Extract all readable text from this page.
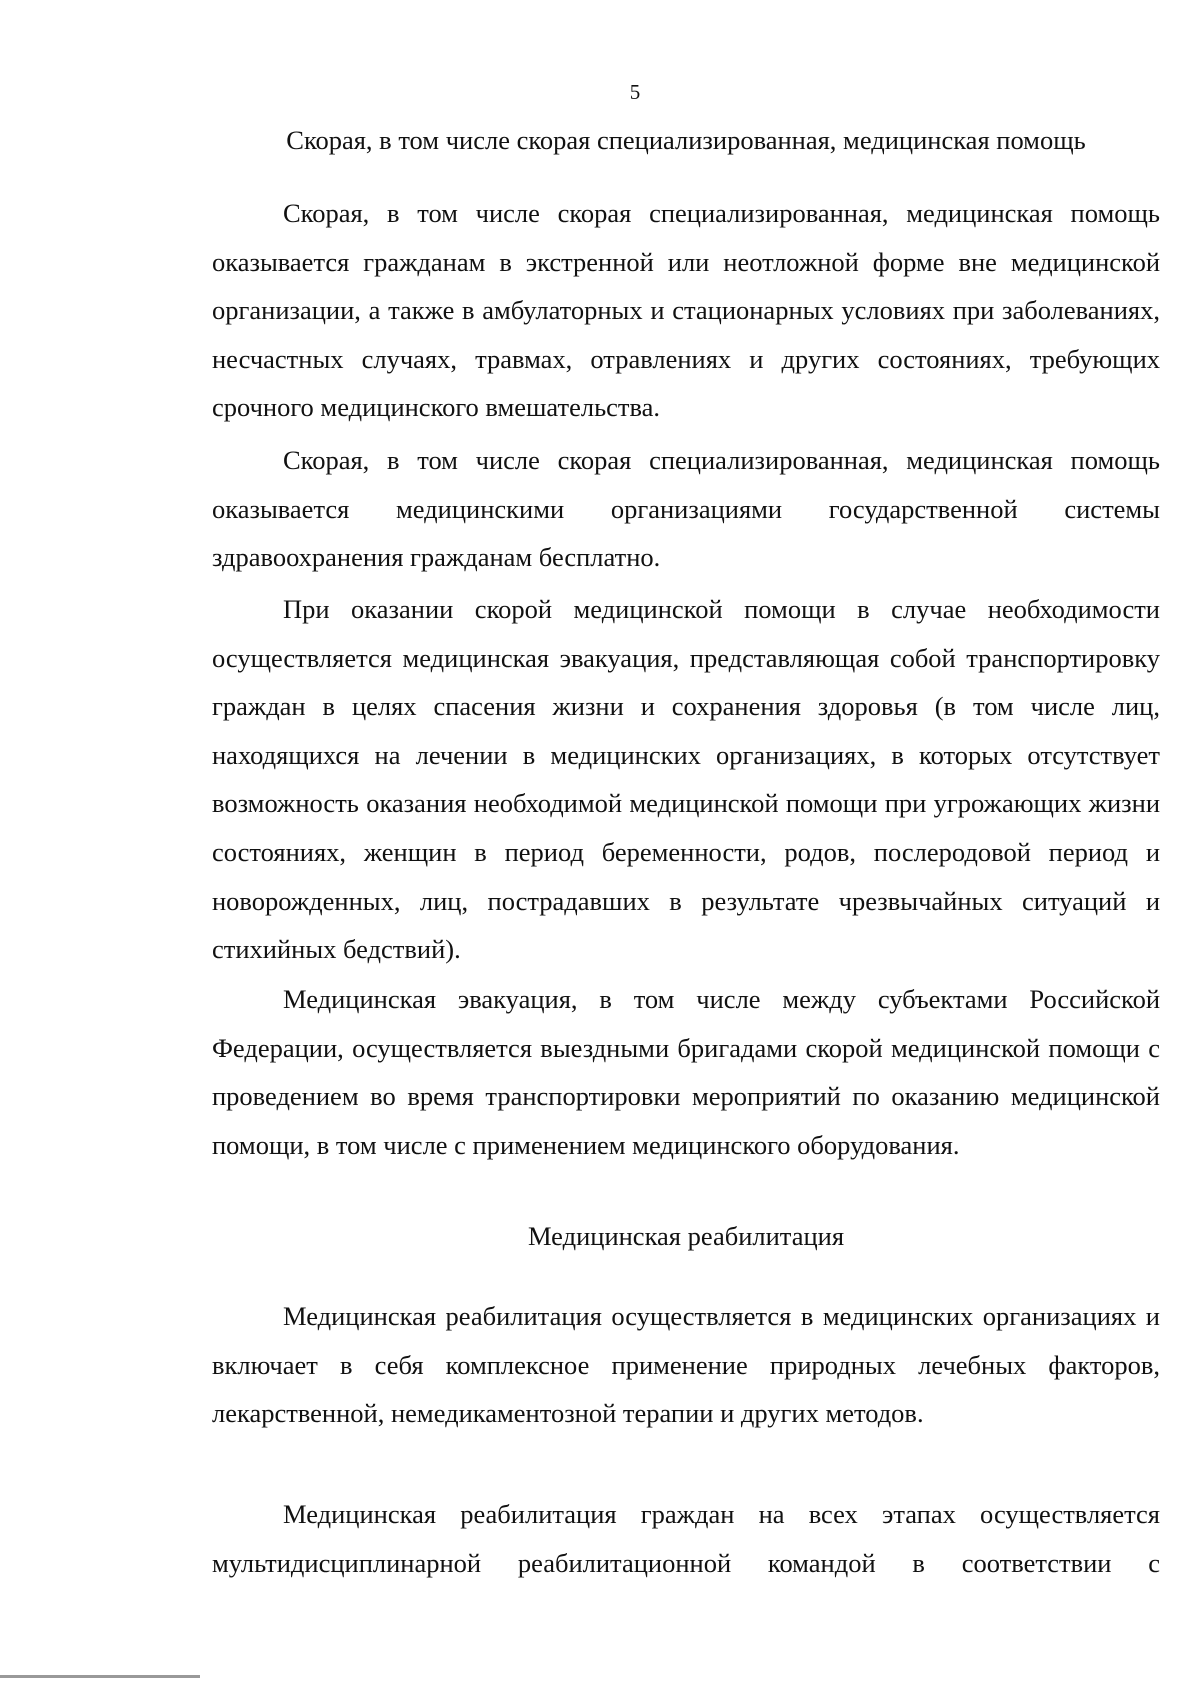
5
Скорая, в том числе скорая специализированная, медицинская помощь

Скорая, в том числе скорая специализированная, медицинская помощь оказывается гражданам в экстренной или неотложной форме вне медицинской организации, а также в амбулаторных и стационарных условиях при заболеваниях, несчастных случаях, травмах, отравлениях и других состояниях, требующих срочного медицинского вмешательства.

Скорая, в том числе скорая специализированная, медицинская помощь оказывается медицинскими организациями государственной системы здравоохранения гражданам бесплатно.

При оказании скорой медицинской помощи в случае необходимости осуществляется медицинская эвакуация, представляющая собой транспортировку граждан в целях спасения жизни и сохранения здоровья (в том числе лиц, находящихся на лечении в медицинских организациях, в которых отсутствует возможность оказания необходимой медицинской помощи при угрожающих жизни состояниях, женщин в период беременности, родов, послеродовой период и новорожденных, лиц, пострадавших в результате чрезвычайных ситуаций и стихийных бедствий).

Медицинская эвакуация, в том числе между субъектами Российской Федерации, осуществляется выездными бригадами скорой медицинской помощи с проведением во время транспортировки мероприятий по оказанию медицинской помощи, в том числе с применением медицинского оборудования.

Медицинская реабилитация

Медицинская реабилитация осуществляется в медицинских организациях и включает в себя комплексное применение природных лечебных факторов, лекарственной, немедикаментозной терапии и других методов.

Медицинская реабилитация граждан на всех этапах осуществляется мультидисциплинарной реабилитационной командой в соответствии с
